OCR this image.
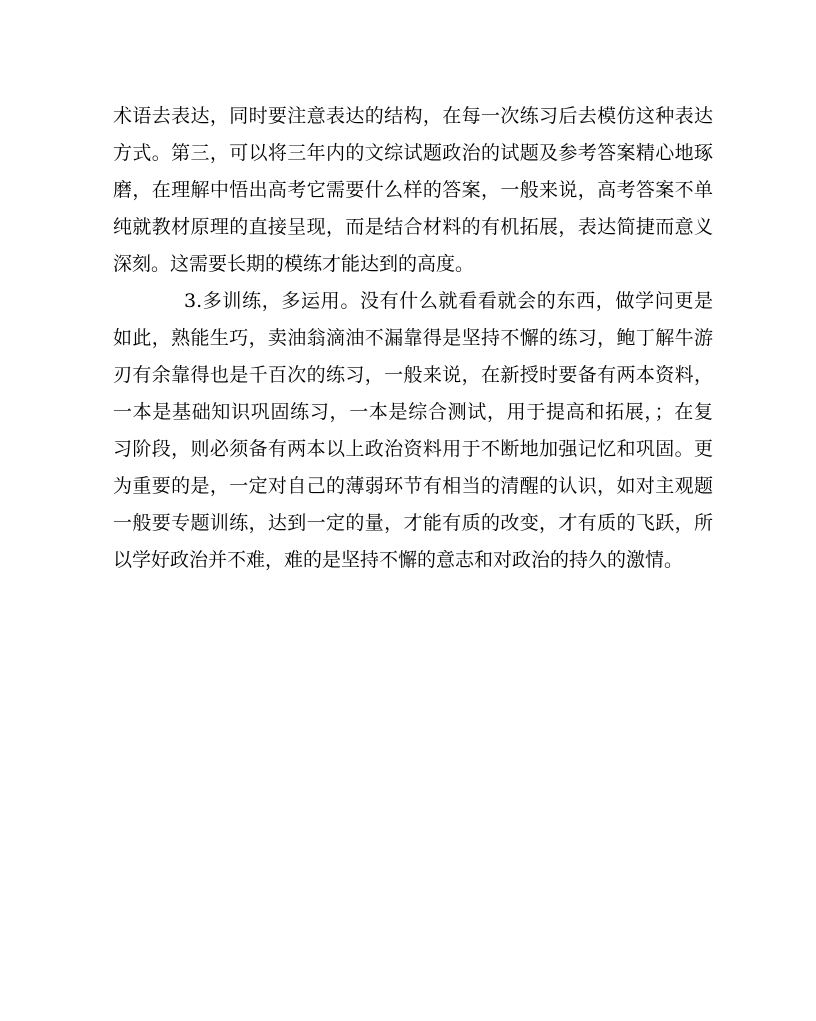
术语去表达，同时要注意表达的结构，在每一次练习后去模仿这种表达
方式。第三，可以将三年内的文综试题政治的试题及参考答案精心地琢
磨，在理解中悟出高考它需要什么样的答案，一般来说，高考答案不单
纯就教材原理的直接呈现，而是结合材料的有机拓展，表达简捷而意义
深刻。这需要长期的模练才能达到的高度。
3.多训练，多运用。没有什么就看看就会的东西，做学问更是
如此，熟能生巧，卖油翁滴油不漏靠得是坚持不懈的练习，鲍丁解牛游
刃有余靠得也是千百次的练习，一般来说，在新授时要备有两本资料，
一本是基础知识巩固练习，一本是综合测试，用于提高和拓展，；在复
习阶段，则必须备有两本以上政治资料用于不断地加强记忆和巩固。更
为重要的是，一定对自己的薄弱环节有相当的清醒的认识，如对主观题
一般要专题训练，达到一定的量，才能有质的改变，才有质的飞跃，所
以学好政治并不难，难的是坚持不懈的意志和对政治的持久的激情。
